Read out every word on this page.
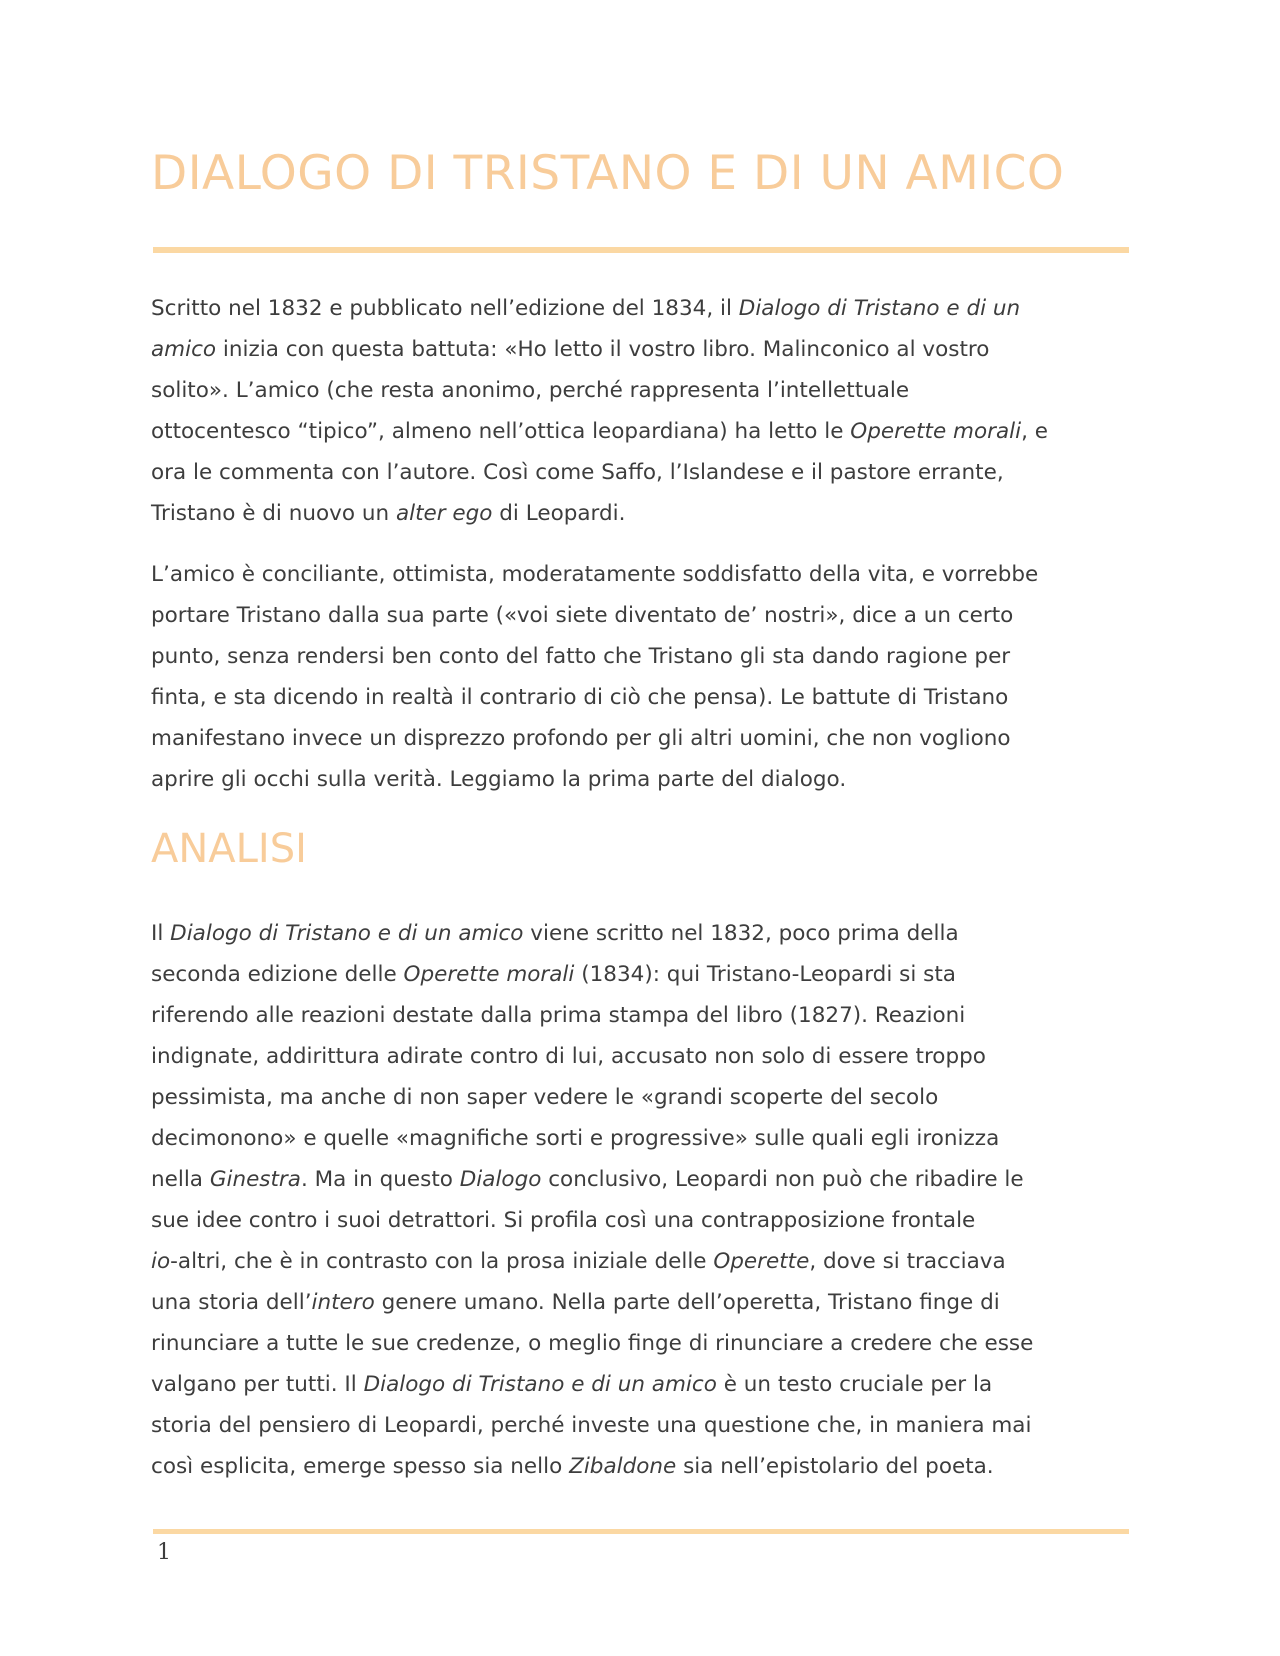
DIALOGO DI TRISTANO E DI UN AMICO

Scritto nel 1832 e pubblicato nell’edizione del 1834, il Dialogo di Tristano e di un
amico inizia con questa battuta: «Ho letto il vostro libro. Malinconico al vostro
solito». L’amico (che resta anonimo, perché rappresenta l’intellettuale
ottocentesco “tipico”, almeno nell’ottica leopardiana) ha letto le Operette morali, e
ora le commenta con l’autore. Così come Saffo, l’Islandese e il pastore errante,
Tristano è di nuovo un alter ego di Leopardi.

L’amico è conciliante, ottimista, moderatamente soddisfatto della vita, e vorrebbe
portare Tristano dalla sua parte («voi siete diventato de’ nostri», dice a un certo
punto, senza rendersi ben conto del fatto che Tristano gli sta dando ragione per
finta, e sta dicendo in realtà il contrario di ciò che pensa). Le battute di Tristano
manifestano invece un disprezzo profondo per gli altri uomini, che non vogliono
aprire gli occhi sulla verità. Leggiamo la prima parte del dialogo.

ANALISI

Il Dialogo di Tristano e di un amico viene scritto nel 1832, poco prima della
seconda edizione delle Operette morali (1834): qui Tristano-Leopardi si sta
riferendo alle reazioni destate dalla prima stampa del libro (1827). Reazioni
indignate, addirittura adirate contro di lui, accusato non solo di essere troppo
pessimista, ma anche di non saper vedere le «grandi scoperte del secolo
decimonono» e quelle «magnifiche sorti e progressive» sulle quali egli ironizza
nella Ginestra. Ma in questo Dialogo conclusivo, Leopardi non può che ribadire le
sue idee contro i suoi detrattori. Si profila così una contrapposizione frontale
io-altri, che è in contrasto con la prosa iniziale delle Operette, dove si tracciava
una storia dell’intero genere umano. Nella parte dell’operetta, Tristano finge di
rinunciare a tutte le sue credenze, o meglio finge di rinunciare a credere che esse
valgano per tutti. Il Dialogo di Tristano e di un amico è un testo cruciale per la
storia del pensiero di Leopardi, perché investe una questione che, in maniera mai
così esplicita, emerge spesso sia nello Zibaldone sia nell’epistolario del poeta.

1
